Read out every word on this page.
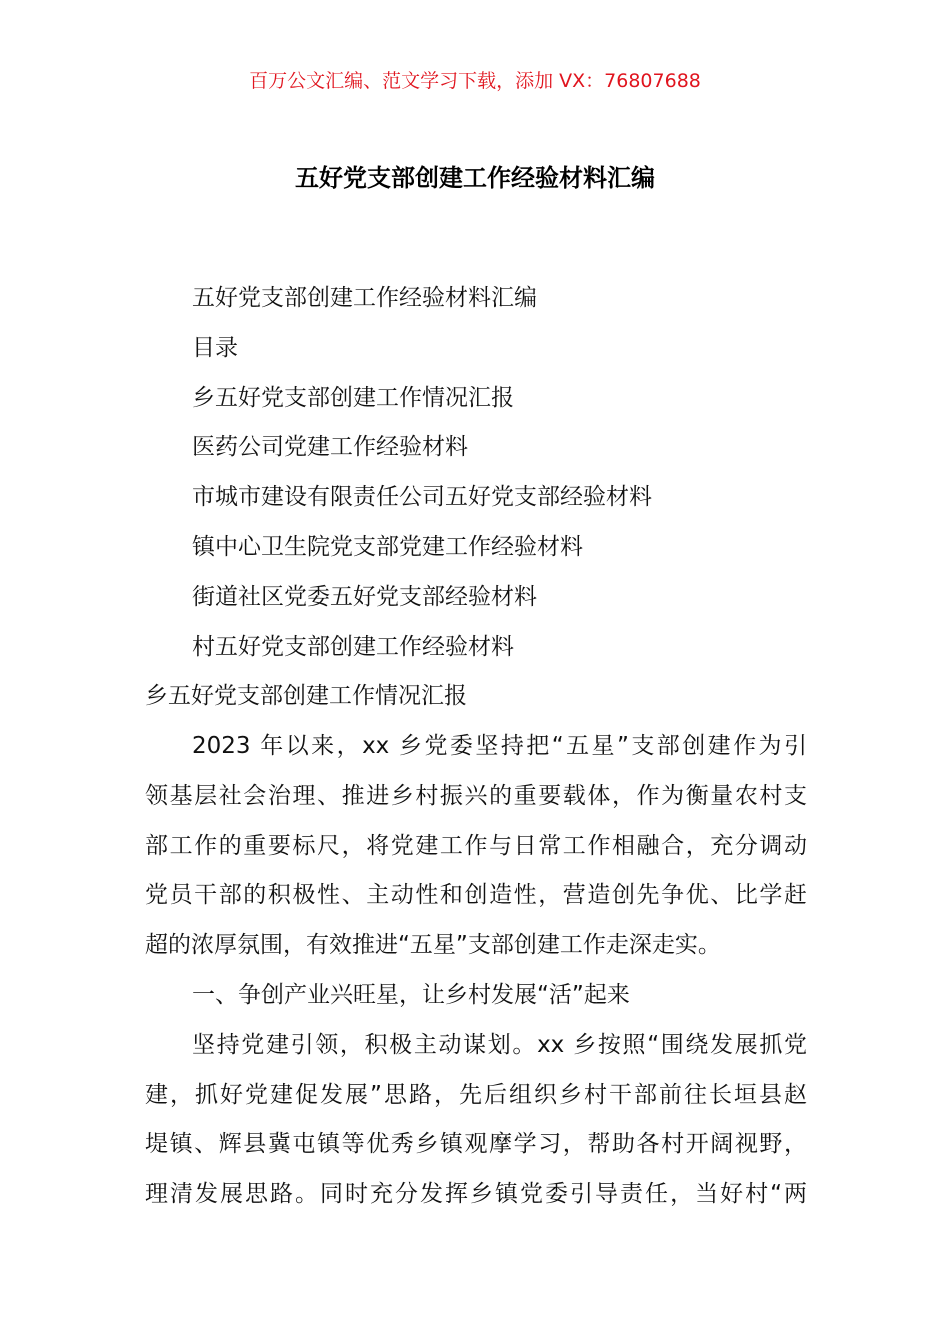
百万公文汇编、范文学习下载，添加 VX：76807688
五好党支部创建工作经验材料汇编
五好党支部创建工作经验材料汇编
目录
乡五好党支部创建工作情况汇报
医药公司党建工作经验材料
市城市建设有限责任公司五好党支部经验材料
镇中心卫生院党支部党建工作经验材料
街道社区党委五好党支部经验材料
村五好党支部创建工作经验材料
乡五好党支部创建工作情况汇报
2023 年以来，xx 乡党委坚持把“五星”支部创建作为引
领基层社会治理、推进乡村振兴的重要载体，作为衡量农村支
部工作的重要标尺，将党建工作与日常工作相融合，充分调动
党员干部的积极性、主动性和创造性，营造创先争优、比学赶
超的浓厚氛围，有效推进“五星”支部创建工作走深走实。
一、争创产业兴旺星，让乡村发展“活”起来
坚持党建引领，积极主动谋划。xx 乡按照“围绕发展抓党
建，抓好党建促发展”思路，先后组织乡村干部前往长垣县赵
堤镇、辉县冀屯镇等优秀乡镇观摩学习，帮助各村开阔视野，
理清发展思路。同时充分发挥乡镇党委引导责任，当好村“两
